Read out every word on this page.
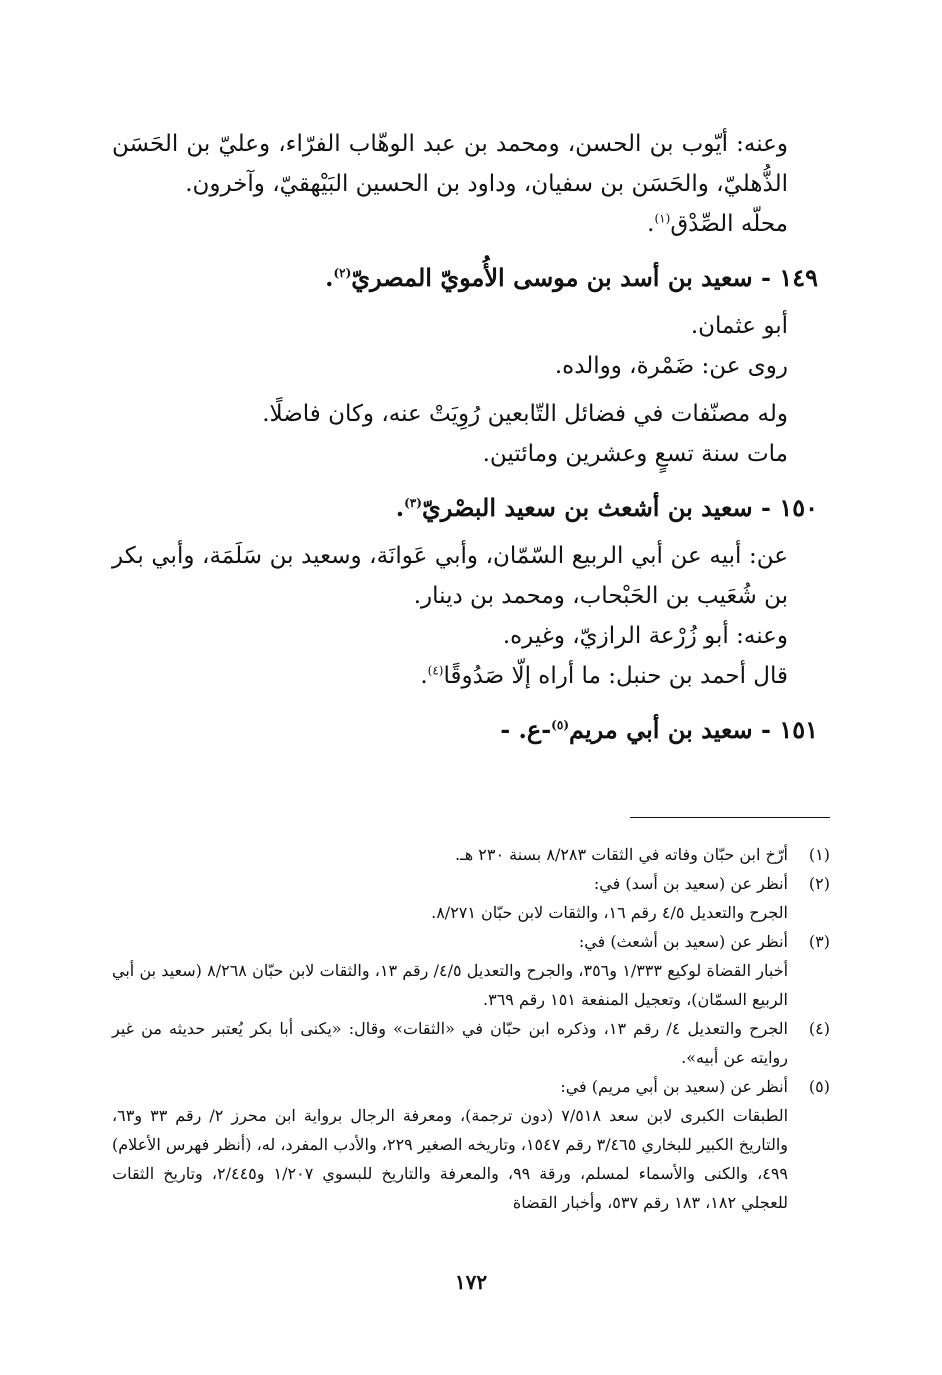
وعنه: أيّوب بن الحسن، ومحمد بن عبد الوهّاب الفرّاء، وعليّ بن الحَسَن الذُّهليّ، والحَسَن بن سفيان، وداود بن الحسين البَيْهقيّ، وآخرون.

محلّه الصِّدْق$^{(١)}$.

١٤٩ - سعيد بن أسد بن موسى الأُمويّ المصريّ$^{(٢)}$.

أبو عثمان.

روى عن: ضَمْرة، ووالده.

وله مصنّفات في فضائل التّابعين رُوِيَتْ عنه، وكان فاضلًا.

مات سنة تسعٍ وعشرين ومائتين.

١٥٠ - سعيد بن أشعث بن سعيد البصْريّ$^{(٣)}$.

عن: أبيه عن أبي الربيع السّمّان، وأبي عَوانَة، وسعيد بن سَلَمَة، وأبي بكر بن شُعَيب بن الحَبْحاب، ومحمد بن دينار.

وعنه: أبو زُرْعة الرازيّ، وغيره.

قال أحمد بن حنبل: ما أراه إلّا صَدُوقًا$^{(٤)}$.

١٥١ - سعيد بن أبي مريم$^{(٥)}$-ع. -

(١)
أرّخ ابن حبّان وفاته في الثقات ٨/٢٨٣ بسنة ٢٣٠ هـ.
(٢)
أنظر عن (سعيد بن أسد) في:
الجرح والتعديل ٤/٥ رقم ١٦، والثقات لابن حبّان ٨/٢٧١.
(٣)
أنظر عن (سعيد بن أشعث) في:
أخبار القضاة لوكيع ١/٣٣٣ و٣٥٦، والجرح والتعديل ٤/٥/ رقم ١٣، والثقات لابن حبّان ٨/٢٦٨ (سعيد بن أبي الربيع السمّان)، وتعجيل المنفعة ١٥١ رقم ٣٦٩.
(٤)
الجرح والتعديل ٤/ رقم ١٣، وذكره ابن حبّان في «الثقات» وقال: «يكنى أبا بكر يُعتبر حديثه من غير روايته عن أبيه».
(٥)
أنظر عن (سعيد بن أبي مريم) في:
الطبقات الكبرى لابن سعد ٧/٥١٨ (دون ترجمة)، ومعرفة الرجال برواية ابن محرز ٢/ رقم ٣٣ و٦٣، والتاريخ الكبير للبخاري ٣/٤٦٥ رقم ١٥٤٧، وتاريخه الصغير ٢٢٩، والأدب المفرد، له، (أنظر فهرس الأعلام) ٤٩٩، والكنى والأسماء لمسلم، ورقة ٩٩، والمعرفة والتاريخ للبسوي ١/٢٠٧ و٢/٤٤٥، وتاريخ الثقات للعجلي ١٨٢، ١٨٣ رقم ٥٣٧، وأخبار القضاة
١٧٢
